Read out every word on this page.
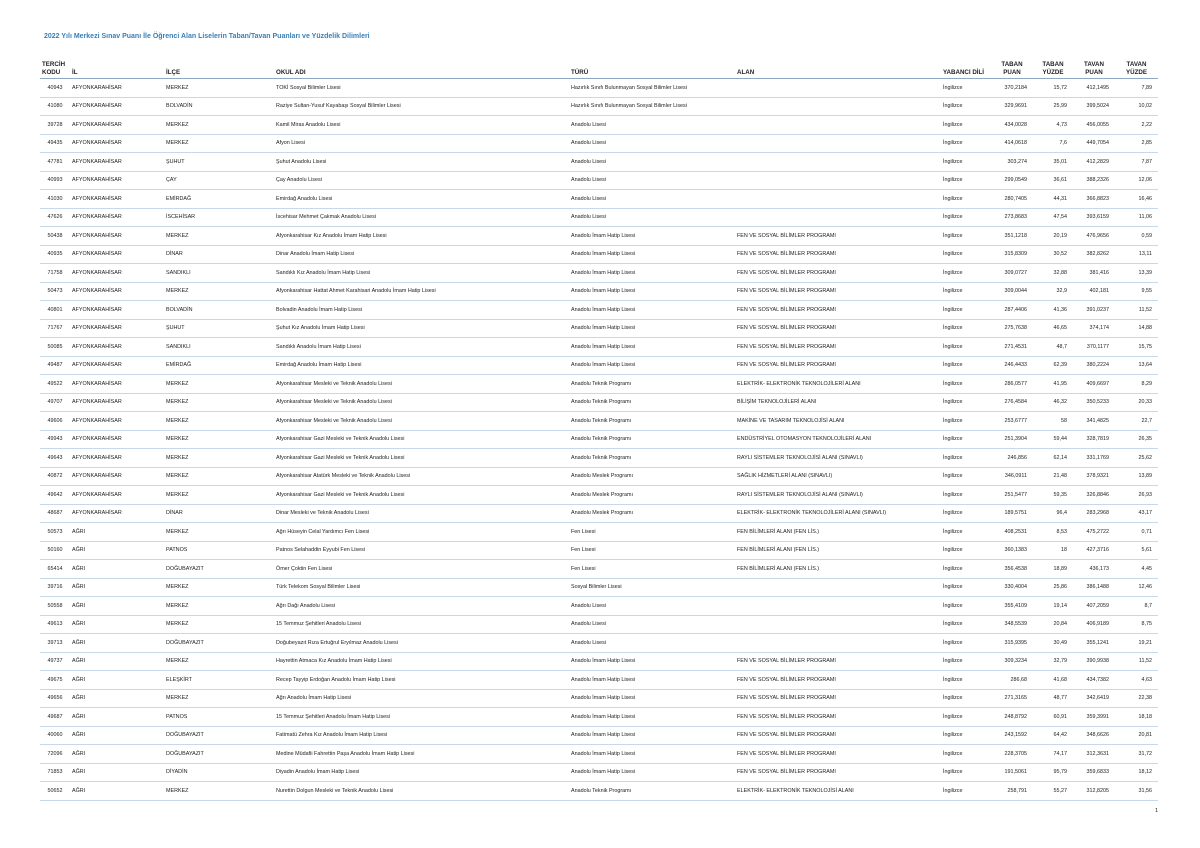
2022 Yılı Merkezi Sınav Puanı İle Öğrenci Alan Liselerin Taban/Tavan Puanları ve Yüzdelik Dilimleri
TERCİH KODU	İL	İLÇE	OKUL ADI	TÜRÜ	ALAN	YABANCI DİLİ	TABAN PUAN	TABAN YÜZDE	TAVAN PUAN	TAVAN YÜZDE
40943	AFYONKARAHİSAR	MERKEZ	TOKİ Sosyal Bilimler Lisesi	Hazırlık Sınıfı Bulunmayan Sosyal Bilimler Lisesi		İngilizce	370,2184	15,72	412,1495	7,89
41080	AFYONKARAHİSAR	BOLVADİN	Raziye Sultan-Yusuf Kayabaşı Sosyal Bilimler Lisesi	Hazırlık Sınıfı Bulunmayan Sosyal Bilimler Lisesi		İngilizce	329,9691	25,99	399,5024	10,02
39728	AFYONKARAHİSAR	MERKEZ	Kamil Miras Anadolu Lisesi	Anadolu Lisesi		İngilizce	434,0028	4,73	456,0055	2,22
49435	AFYONKARAHİSAR	MERKEZ	Afyon Lisesi	Anadolu Lisesi		İngilizce	414,0618	7,6	449,7054	2,85
47781	AFYONKARAHİSAR	ŞUHUT	Şuhut Anadolu Lisesi	Anadolu Lisesi		İngilizce	303,274	35,01	412,2829	7,87
40993	AFYONKARAHİSAR	ÇAY	Çay Anadolu Lisesi	Anadolu Lisesi		İngilizce	299,0549	36,61	388,2326	12,06
41030	AFYONKARAHİSAR	EMİRDAĞ	Emirdağ Anadolu Lisesi	Anadolu Lisesi		İngilizce	280,7405	44,31	366,8823	16,46
47626	AFYONKARAHİSAR	İSCEHİSAR	İscehisar Mehmet Çakmak Anadolu Lisesi	Anadolu Lisesi		İngilizce	273,8683	47,54	393,6159	11,06
50438	AFYONKARAHİSAR	MERKEZ	Afyonkarahisar Kız Anadolu İmam Hatip Lisesi	Anadolu İmam Hatip Lisesi	FEN VE SOSYAL BİLİMLER PROGRAMI	İngilizce	351,1218	20,19	476,9656	0,59
40935	AFYONKARAHİSAR	DİNAR	Dinar Anadolu İmam Hatip Lisesi	Anadolu İmam Hatip Lisesi	FEN VE SOSYAL BİLİMLER PROGRAMI	İngilizce	315,8309	30,52	382,8262	13,11
71758	AFYONKARAHİSAR	SANDIKLI	Sandıklı Kız Anadolu İmam Hatip Lisesi	Anadolu İmam Hatip Lisesi	FEN VE SOSYAL BİLİMLER PROGRAMI	İngilizce	309,0727	32,88	381,416	13,39
50473	AFYONKARAHİSAR	MERKEZ	Afyonkarahisar Hattat Ahmet Karahisari Anadolu İmam Hatip Lisesi	Anadolu İmam Hatip Lisesi	FEN VE SOSYAL BİLİMLER PROGRAMI	İngilizce	309,0044	32,9	402,181	9,55
40801	AFYONKARAHİSAR	BOLVADİN	Bolvadin Anadolu İmam Hatip Lisesi	Anadolu İmam Hatip Lisesi	FEN VE SOSYAL BİLİMLER PROGRAMI	İngilizce	287,4406	41,36	391,0237	11,52
71767	AFYONKARAHİSAR	ŞUHUT	Şuhut Kız Anadolu İmam Hatip Lisesi	Anadolu İmam Hatip Lisesi	FEN VE SOSYAL BİLİMLER PROGRAMI	İngilizce	275,7638	46,65	374,174	14,88
50085	AFYONKARAHİSAR	SANDIKLI	Sandıklı Anadolu İmam Hatip Lisesi	Anadolu İmam Hatip Lisesi	FEN VE SOSYAL BİLİMLER PROGRAMI	İngilizce	271,4531	48,7	370,1177	15,75
49487	AFYONKARAHİSAR	EMİRDAĞ	Emirdağ Anadolu İmam Hatip Lisesi	Anadolu İmam Hatip Lisesi	FEN VE SOSYAL BİLİMLER PROGRAMI	İngilizce	246,4433	62,39	380,2224	13,64
49522	AFYONKARAHİSAR	MERKEZ	Afyonkarahisar Mesleki ve Teknik Anadolu Lisesi	Anadolu Teknik Programı	ELEKTRİK- ELEKTRONİK TEKNOLOJİLERİ ALANI	İngilizce	286,0577	41,95	409,6697	8,29
49707	AFYONKARAHİSAR	MERKEZ	Afyonkarahisar Mesleki ve Teknik Anadolu Lisesi	Anadolu Teknik Programı	BİLİŞİM TEKNOLOJİLERİ ALANI	İngilizce	276,4584	46,32	350,5233	20,33
49606	AFYONKARAHİSAR	MERKEZ	Afyonkarahisar Mesleki ve Teknik Anadolu Lisesi	Anadolu Teknik Programı	MAKİNE VE TASARIM TEKNOLOJİSİ ALANI	İngilizce	253,6777	58	341,4825	22,7
49943	AFYONKARAHİSAR	MERKEZ	Afyonkarahisar Gazi Mesleki ve Teknik Anadolu Lisesi	Anadolu Teknik Programı	ENDÜSTRİYEL OTOMASYON TEKNOLOJİLERİ ALANI	İngilizce	251,3904	59,44	328,7819	26,35
49643	AFYONKARAHİSAR	MERKEZ	Afyonkarahisar Gazi Mesleki ve Teknik Anadolu Lisesi	Anadolu Teknik Programı	RAYLI SİSTEMLER TEKNOLOJİSİ ALANI (SINAVLI)	İngilizce	246,856	62,14	331,1769	25,62
40872	AFYONKARAHİSAR	MERKEZ	Afyonkarahisar Atatürk Mesleki ve Teknik Anadolu Lisesi	Anadolu Meslek Programı	SAĞLIK HİZMETLERİ ALANI (SINAVLI)	İngilizce	346,0911	21,48	378,9321	13,89
49642	AFYONKARAHİSAR	MERKEZ	Afyonkarahisar Gazi Mesleki ve Teknik Anadolu Lisesi	Anadolu Meslek Programı	RAYLI SİSTEMLER TEKNOLOJİSİ ALANI (SINAVLI)	İngilizce	251,5477	59,35	326,8846	26,93
48687	AFYONKARAHİSAR	DİNAR	Dinar Mesleki ve Teknik Anadolu Lisesi	Anadolu Meslek Programı	ELEKTRİK- ELEKTRONİK TEKNOLOJİLERİ ALANI (SINAVLI)	İngilizce	189,5751	96,4	283,2968	43,17
50573	AĞRI	MERKEZ	Ağrı Hüseyin Celal Yardımcı Fen Lisesi	Fen Lisesi	FEN BİLİMLERİ ALANI (FEN LİS.)	İngilizce	408,2531	8,53	475,2722	0,71
50160	AĞRI	PATNOS	Patnos Selahaddin Eyyubi Fen Lisesi	Fen Lisesi	FEN BİLİMLERİ ALANI (FEN LİS.)	İngilizce	360,1383	18	427,3716	5,61
65414	AĞRI	DOĞUBAYAZIT	Ömer Çoktin Fen Lisesi	Fen Lisesi	FEN BİLİMLERİ ALANI (FEN LİS.)	İngilizce	356,4538	18,89	436,173	4,45
39716	AĞRI	MERKEZ	Türk Telekom Sosyal Bilimler Lisesi	Sosyal Bilimler Lisesi		İngilizce	330,4004	25,86	386,1488	12,46
50558	AĞRI	MERKEZ	Ağrı Dağı Anadolu Lisesi	Anadolu Lisesi		İngilizce	355,4109	19,14	407,2059	8,7
49613	AĞRI	MERKEZ	15 Temmuz Şehitleri Anadolu Lisesi	Anadolu Lisesi		İngilizce	348,5539	20,84	406,9189	8,75
39713	AĞRI	DOĞUBAYAZIT	Doğubeyazıt Rıza Ertuğrul Eryılmaz Anadolu Lisesi	Anadolu Lisesi		İngilizce	315,9395	30,49	355,1241	19,21
49737	AĞRI	MERKEZ	Hayrettin Atmaca Kız Anadolu İmam Hatip Lisesi	Anadolu İmam Hatip Lisesi	FEN VE SOSYAL BİLİMLER PROGRAMI	İngilizce	309,3234	32,79	390,9938	11,52
49675	AĞRI	ELEŞKİRT	Recep Tayyip Erdoğan Anadolu İmam Hatip Lisesi	Anadolu İmam Hatip Lisesi	FEN VE SOSYAL BİLİMLER PROGRAMI	İngilizce	286,68	41,68	434,7382	4,63
49656	AĞRI	MERKEZ	Ağrı Anadolu İmam Hatip Lisesi	Anadolu İmam Hatip Lisesi	FEN VE SOSYAL BİLİMLER PROGRAMI	İngilizce	271,3165	48,77	342,6419	22,38
49687	AĞRI	PATNOS	15 Temmuz Şehitleri Anadolu İmam Hatip Lisesi	Anadolu İmam Hatip Lisesi	FEN VE SOSYAL BİLİMLER PROGRAMI	İngilizce	248,8792	60,91	359,3991	18,18
40060	AĞRI	DOĞUBAYAZIT	Fatimatü Zehra Kız Anadolu İmam Hatip Lisesi	Anadolu İmam Hatip Lisesi	FEN VE SOSYAL BİLİMLER PROGRAMI	İngilizce	243,1592	64,42	348,6626	20,81
72096	AĞRI	DOĞUBAYAZIT	Medine Müdafii Fahrettin Paşa Anadolu İmam Hatip Lisesi	Anadolu İmam Hatip Lisesi	FEN VE SOSYAL BİLİMLER PROGRAMI	İngilizce	228,3705	74,17	312,3631	31,72
71853	AĞRI	DİYADİN	Diyadin Anadolu İmam Hatip Lisesi	Anadolu İmam Hatip Lisesi	FEN VE SOSYAL BİLİMLER PROGRAMI	İngilizce	191,5061	95,79	359,6833	18,12
50652	AĞRI	MERKEZ	Nurettin Dolgun Mesleki ve Teknik Anadolu Lisesi	Anadolu Teknik Programı	ELEKTRİK- ELEKTRONİK TEKNOLOJİSİ ALANI	İngilizce	258,791	55,27	312,8205	31,56
1
